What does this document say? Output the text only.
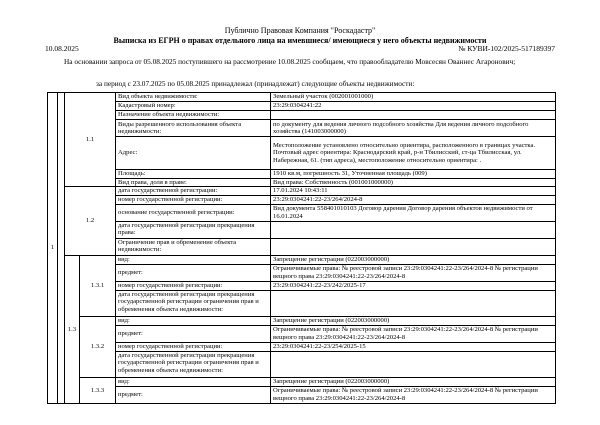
Публично Правовая Компания "Роскадастр"
Выписка из ЕГРН о правах отдельного лица на имевшиеся/ имеющиеся у него объекты недвижимости
10.08.2025	№ КУВИ-102/2025-517189397
На основании запроса от 05.08.2025 поступившего на рассмотрение 10.08.2025 сообщаем, что правообладателю Мовсесян Ованнес Агаронович;
за период с 23.07.2025 по 05.08.2025 принадлежал (принадлежат) следующие объекты недвижимости:
1		1.1		Вид объекта недвижимости:	Земельный участок (002001001000)
				Кадастровый номер:	23:29:0304241:22
				Назначение объекта недвижимости:	
				Виды разрешенного использования объекта недвижимости:	по документу для ведения личного подсобного хозяйства Для ведения личного подсобного хозяйства (141003000000)
				Адрес:	Местоположение установлено относительно ориентира, расположенного в границах участка. Почтовый адрес ориентира: Краснодарский край, р-н Тбилисский, ст-ца Тбилисская, ул. Набережная, 61. (тип адреса), местоположение относительно ориентира: .
				Площадь:	1910 кв.м, погрешность 31, Уточненная площадь (009)
				Вид права, доля в праве:	Вид права: Собственность (001001000000)
		1.2		дата государственной регистрации:	17.01.2024 10:43:11
				номер государственной регистрации:	23:29:0304241:22-23/264/2024-8
				основание государственной регистрации:	Вид документа 558401010103 Договор дарения Договор дарения объектов недвижимости от 16.01.2024
				дата государственной регистрации прекращения права:	
				Ограничение прав и обременение объекта недвижимости:	
		1.3	1.3.1	вид:	Запрещение регистрации (022003000000)
				предмет:	Ограничиваемые права: № реестровой записи 23:29:0304241:22-23/264/2024-8 № регистрации вещного права 23:29:0304241:22-23/264/2024-8
				номер государственной регистрации:	23:29:0304241:22-23/242/2025-17
				дата государственной регистрации прекращения государственной регистрации ограничения прав и обременения объекта недвижимости:	
			1.3.2	вид:	Запрещение регистрации (022003000000)
				предмет:	Ограничиваемые права: № реестровой записи 23:29:0304241:22-23/264/2024-8 № регистрации вещного права 23:29:0304241:22-23/264/2024-8
				номер государственной регистрации:	23:29:0304241:22-23/254/2025-15
				дата государственной регистрации прекращения государственной регистрации ограничения прав и обременения объекта недвижимости:	
			1.3.3	вид:	Запрещение регистрации (022003000000)
				предмет:	Ограничиваемые права: № реестровой записи 23:29:0304241:22-23/264/2024-8 № регистрации вещного права 23:29:0304241:22-23/264/2024-8
